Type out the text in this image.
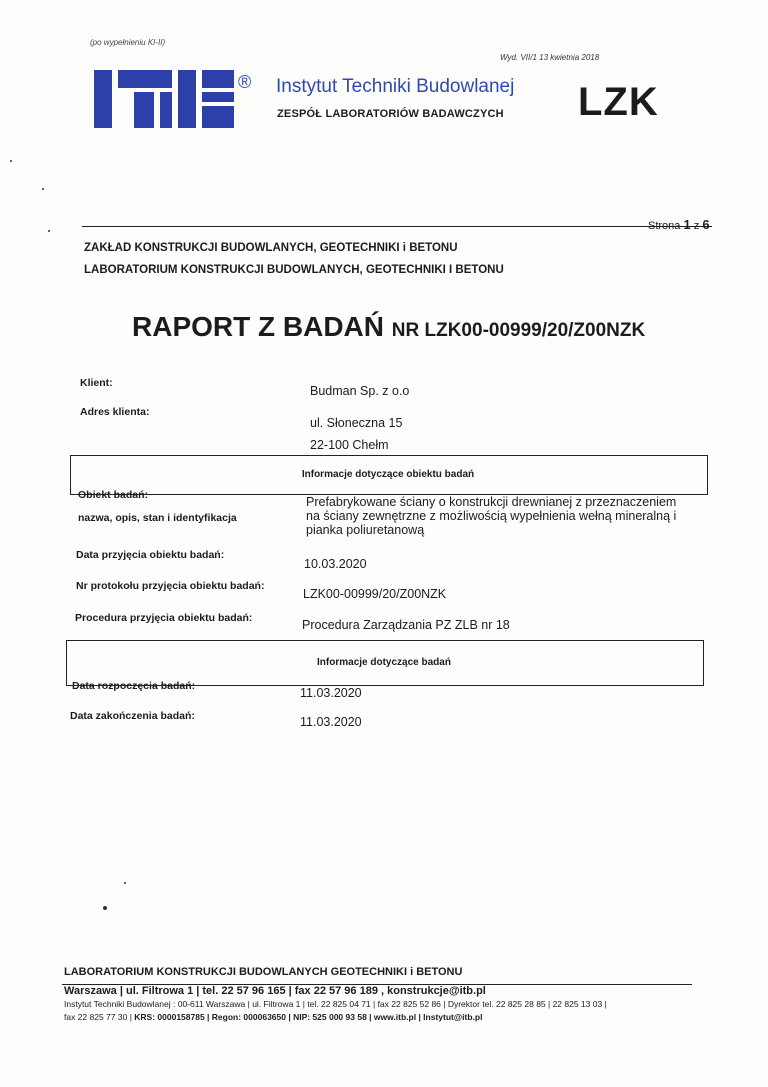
(po wypełnieniu KI-II)
Wyd. VII/1 13 kwietnia 2018
® Instytut Techniki Budowlanej
ZESPÓŁ LABORATORIÓW BADAWCZYCH LZK
Strona 1 z 6
ZAKŁAD KONSTRUKCJI BUDOWLANYCH, GEOTECHNIKI i BETONU
LABORATORIUM KONSTRUKCJI BUDOWLANYCH, GEOTECHNIKI I BETONU
RAPORT Z BADAŃ NR LZK00-00999/20/Z00NZK
Klient:
Budman Sp. z o.o
Adres klienta:
ul. Słoneczna 15
22-100 Chełm
Informacje dotyczące obiektu badań
Obiekt badań:
nazwa, opis, stan i identyfikacja
Prefabrykowane ściany o konstrukcji drewnianej z przeznaczeniem
na ściany zewnętrzne z możliwością wypełnienia wełną mineralną i
pianka poliuretanową
Data przyjęcia obiektu badań:
10.03.2020
Nr protokołu przyjęcia obiektu badań:
LZK00-00999/20/Z00NZK
Procedura przyjęcia obiektu badań:	Procedura Zarządzania PZ ZLB nr 18
Informacje dotyczące badań
Data rozpoczęcia badań:	11.03.2020
Data zakończenia badań:	11.03.2020
LABORATORIUM KONSTRUKCJI BUDOWLANYCH GEOTECHNIKI i BETONU
Warszawa | ul. Filtrowa 1 | tel. 22 57 96 165 | fax 22 57 96 189 , konstrukcje@itb.pl
Instytut Techniki Budowlanej : 00-611 Warszawa | ul. Filtrowa 1 | tel. 22 825 04 71 | fax 22 825 52 86 | Dyrektor tel. 22 825 28 85 | 22 825 13 03 |
fax 22 825 77 30 | KRS: 0000158785 | Regon: 000063650 | NIP: 525 000 93 58 | www.itb.pl | Instytut@itb.pl
